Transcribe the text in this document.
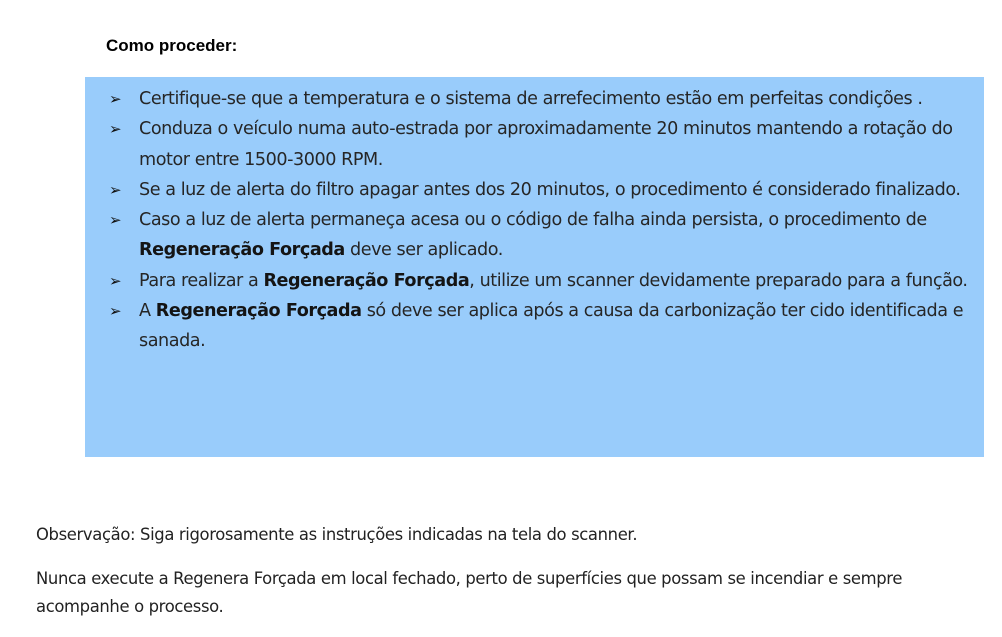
Como proceder:
➢ Certifique-se que a temperatura e o sistema de arrefecimento estão em perfeitas condições .
➢ Conduza o veículo numa auto-estrada por aproximadamente 20 minutos mantendo a rotação do motor entre 1500-3000 RPM.
➢ Se a luz de alerta do filtro apagar antes dos 20 minutos, o procedimento é considerado finalizado.
➢ Caso a luz de alerta permaneça acesa ou o código de falha ainda persista, o procedimento de Regeneração Forçada deve ser aplicado.
➢ Para realizar a Regeneração Forçada, utilize um scanner devidamente preparado para a função.
➢ A Regeneração Forçada só deve ser aplica após a causa da carbonização ter cido identificada e sanada.

Observação: Siga rigorosamente as instruções indicadas na tela do scanner.

Nunca execute a Regenera Forçada em local fechado, perto de superfícies que possam se incendiar e sempre acompanhe o processo.
